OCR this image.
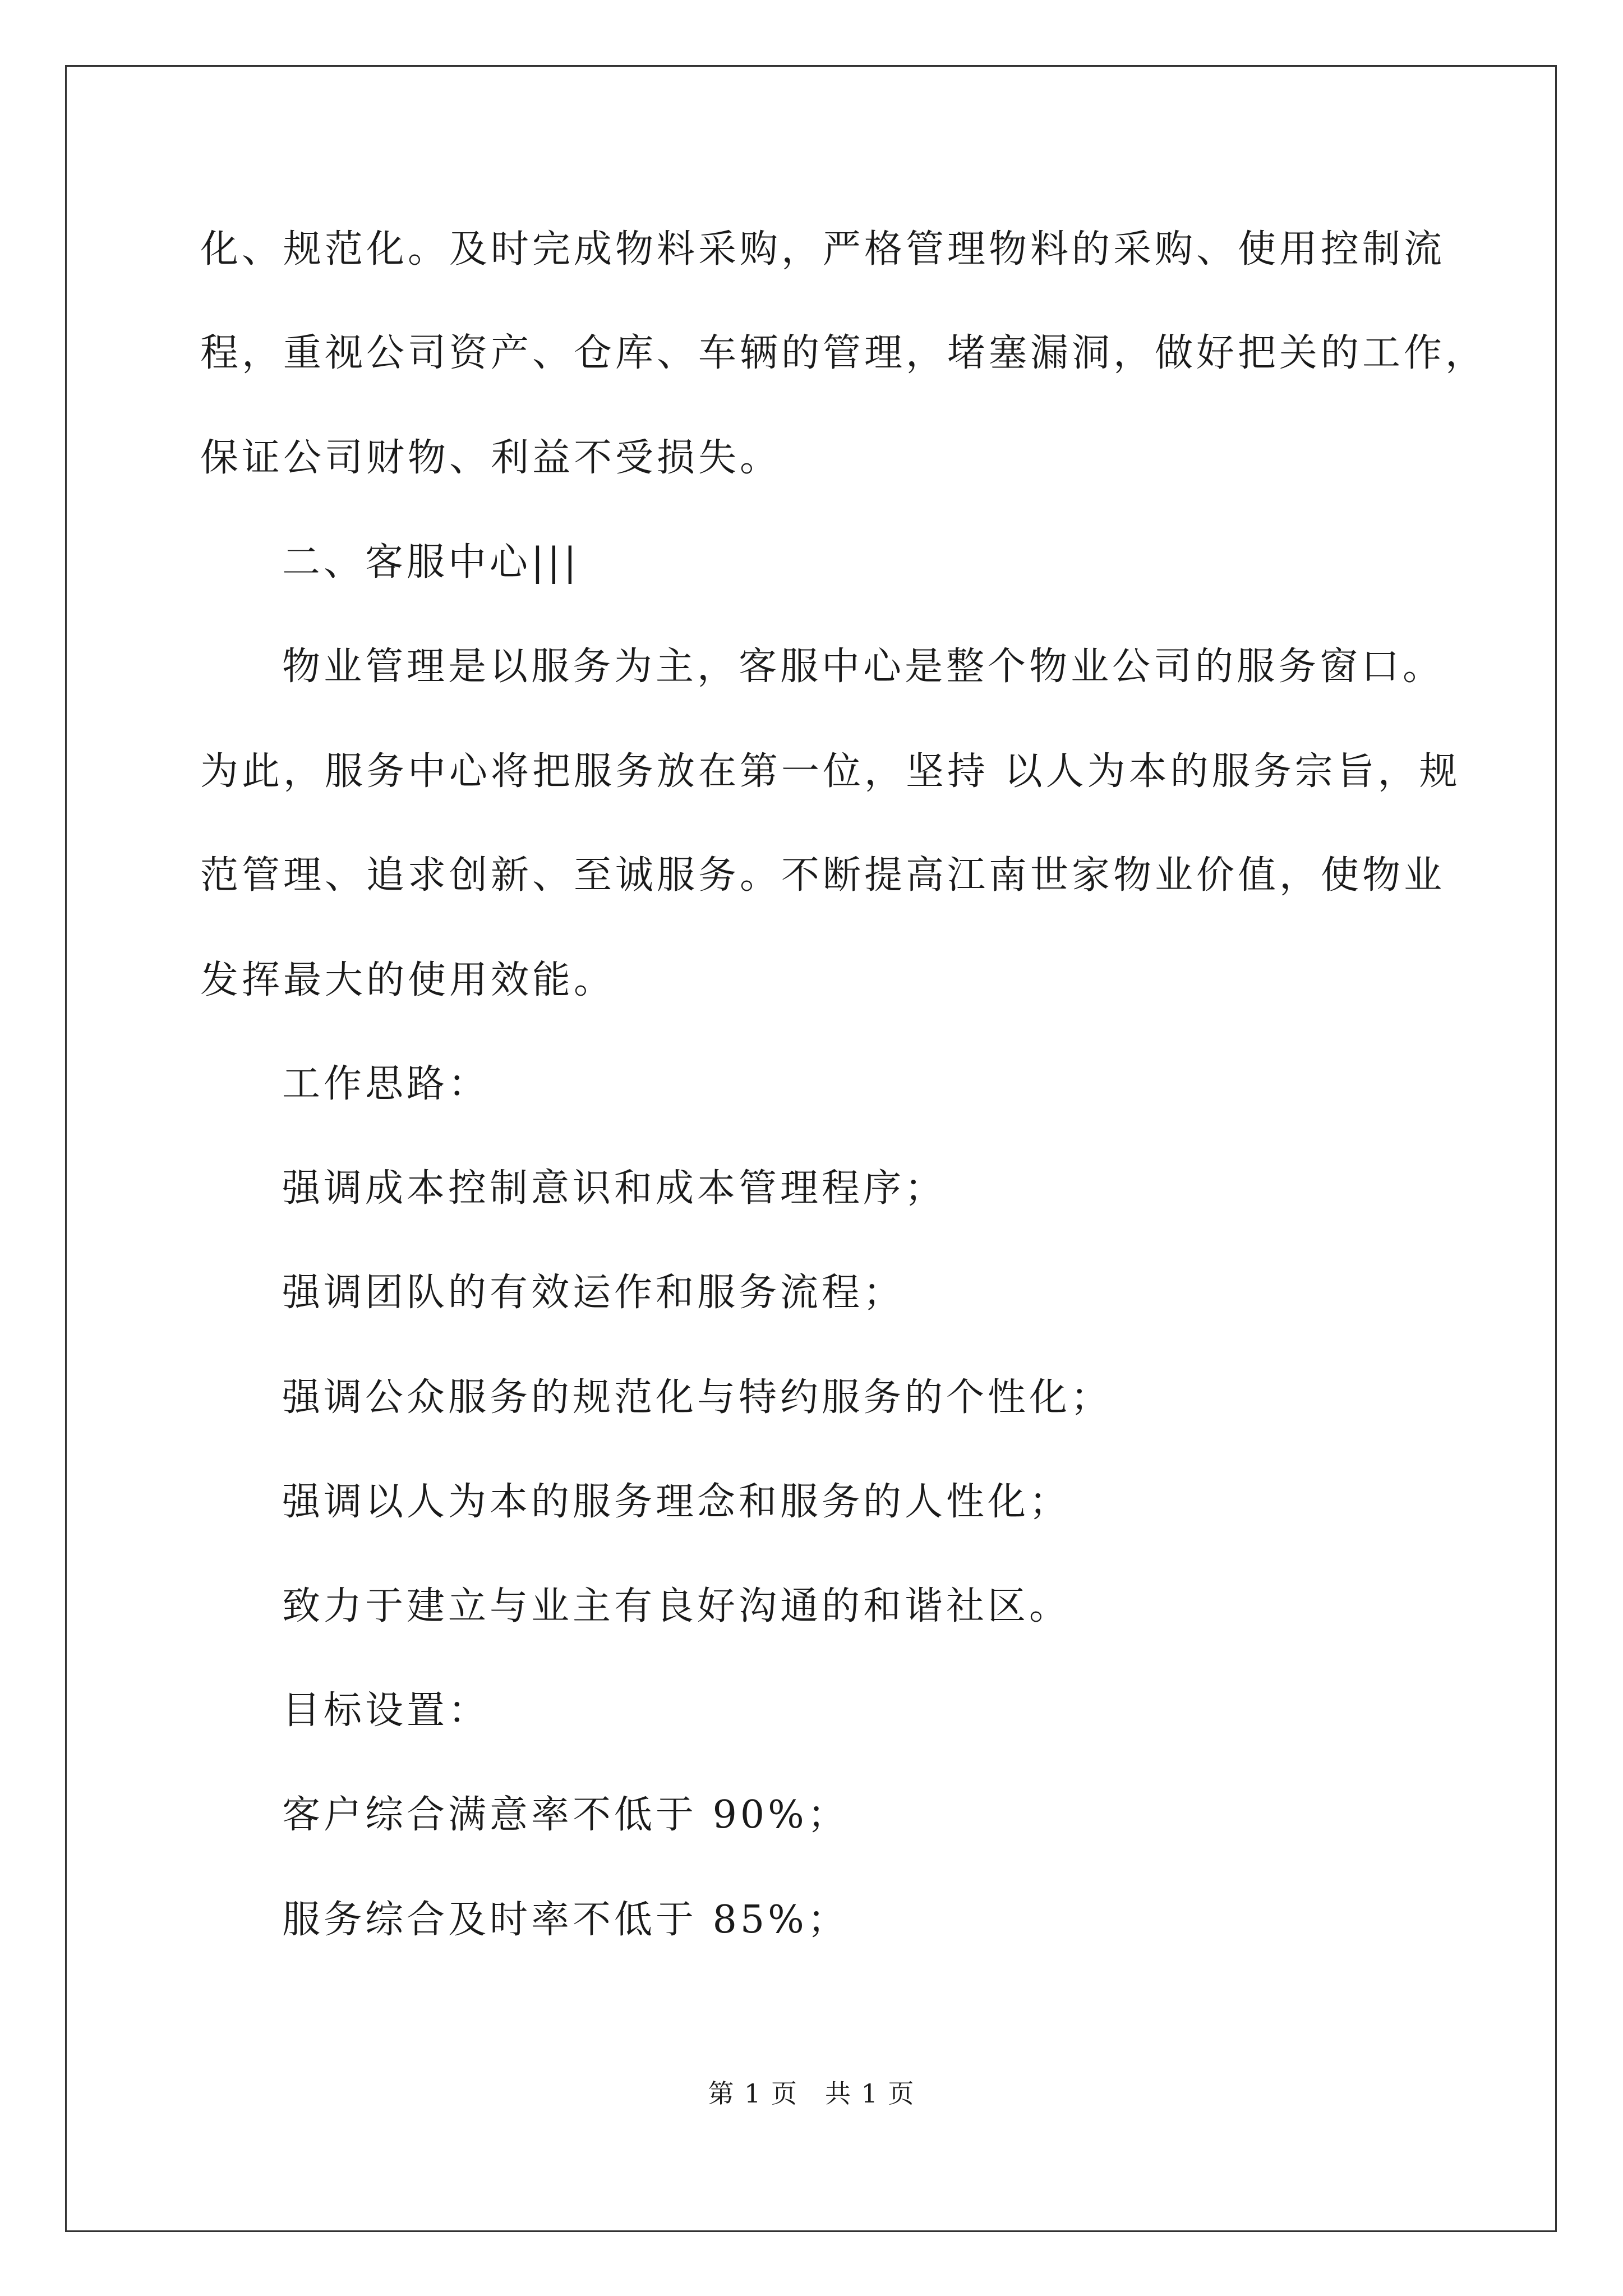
化、规范化。及时完成物料采购，严格管理物料的采购、使用控制流
程，重视公司资产、仓库、车辆的管理，堵塞漏洞，做好把关的工作，
保证公司财物、利益不受损失。
二、客服中心|||
物业管理是以服务为主，客服中心是整个物业公司的服务窗口。
为此，服务中心将把服务放在第一位，坚持 以人为本的服务宗旨，规
范管理、追求创新、至诚服务。不断提高江南世家物业价值，使物业
发挥最大的使用效能。
工作思路：
强调成本控制意识和成本管理程序；
强调团队的有效运作和服务流程；
强调公众服务的规范化与特约服务的个性化；
强调以人为本的服务理念和服务的人性化；
致力于建立与业主有良好沟通的和谐社区。
目标设置：
客户综合满意率不低于 90%；
服务综合及时率不低于 85%；
第 1 页　共 1 页
